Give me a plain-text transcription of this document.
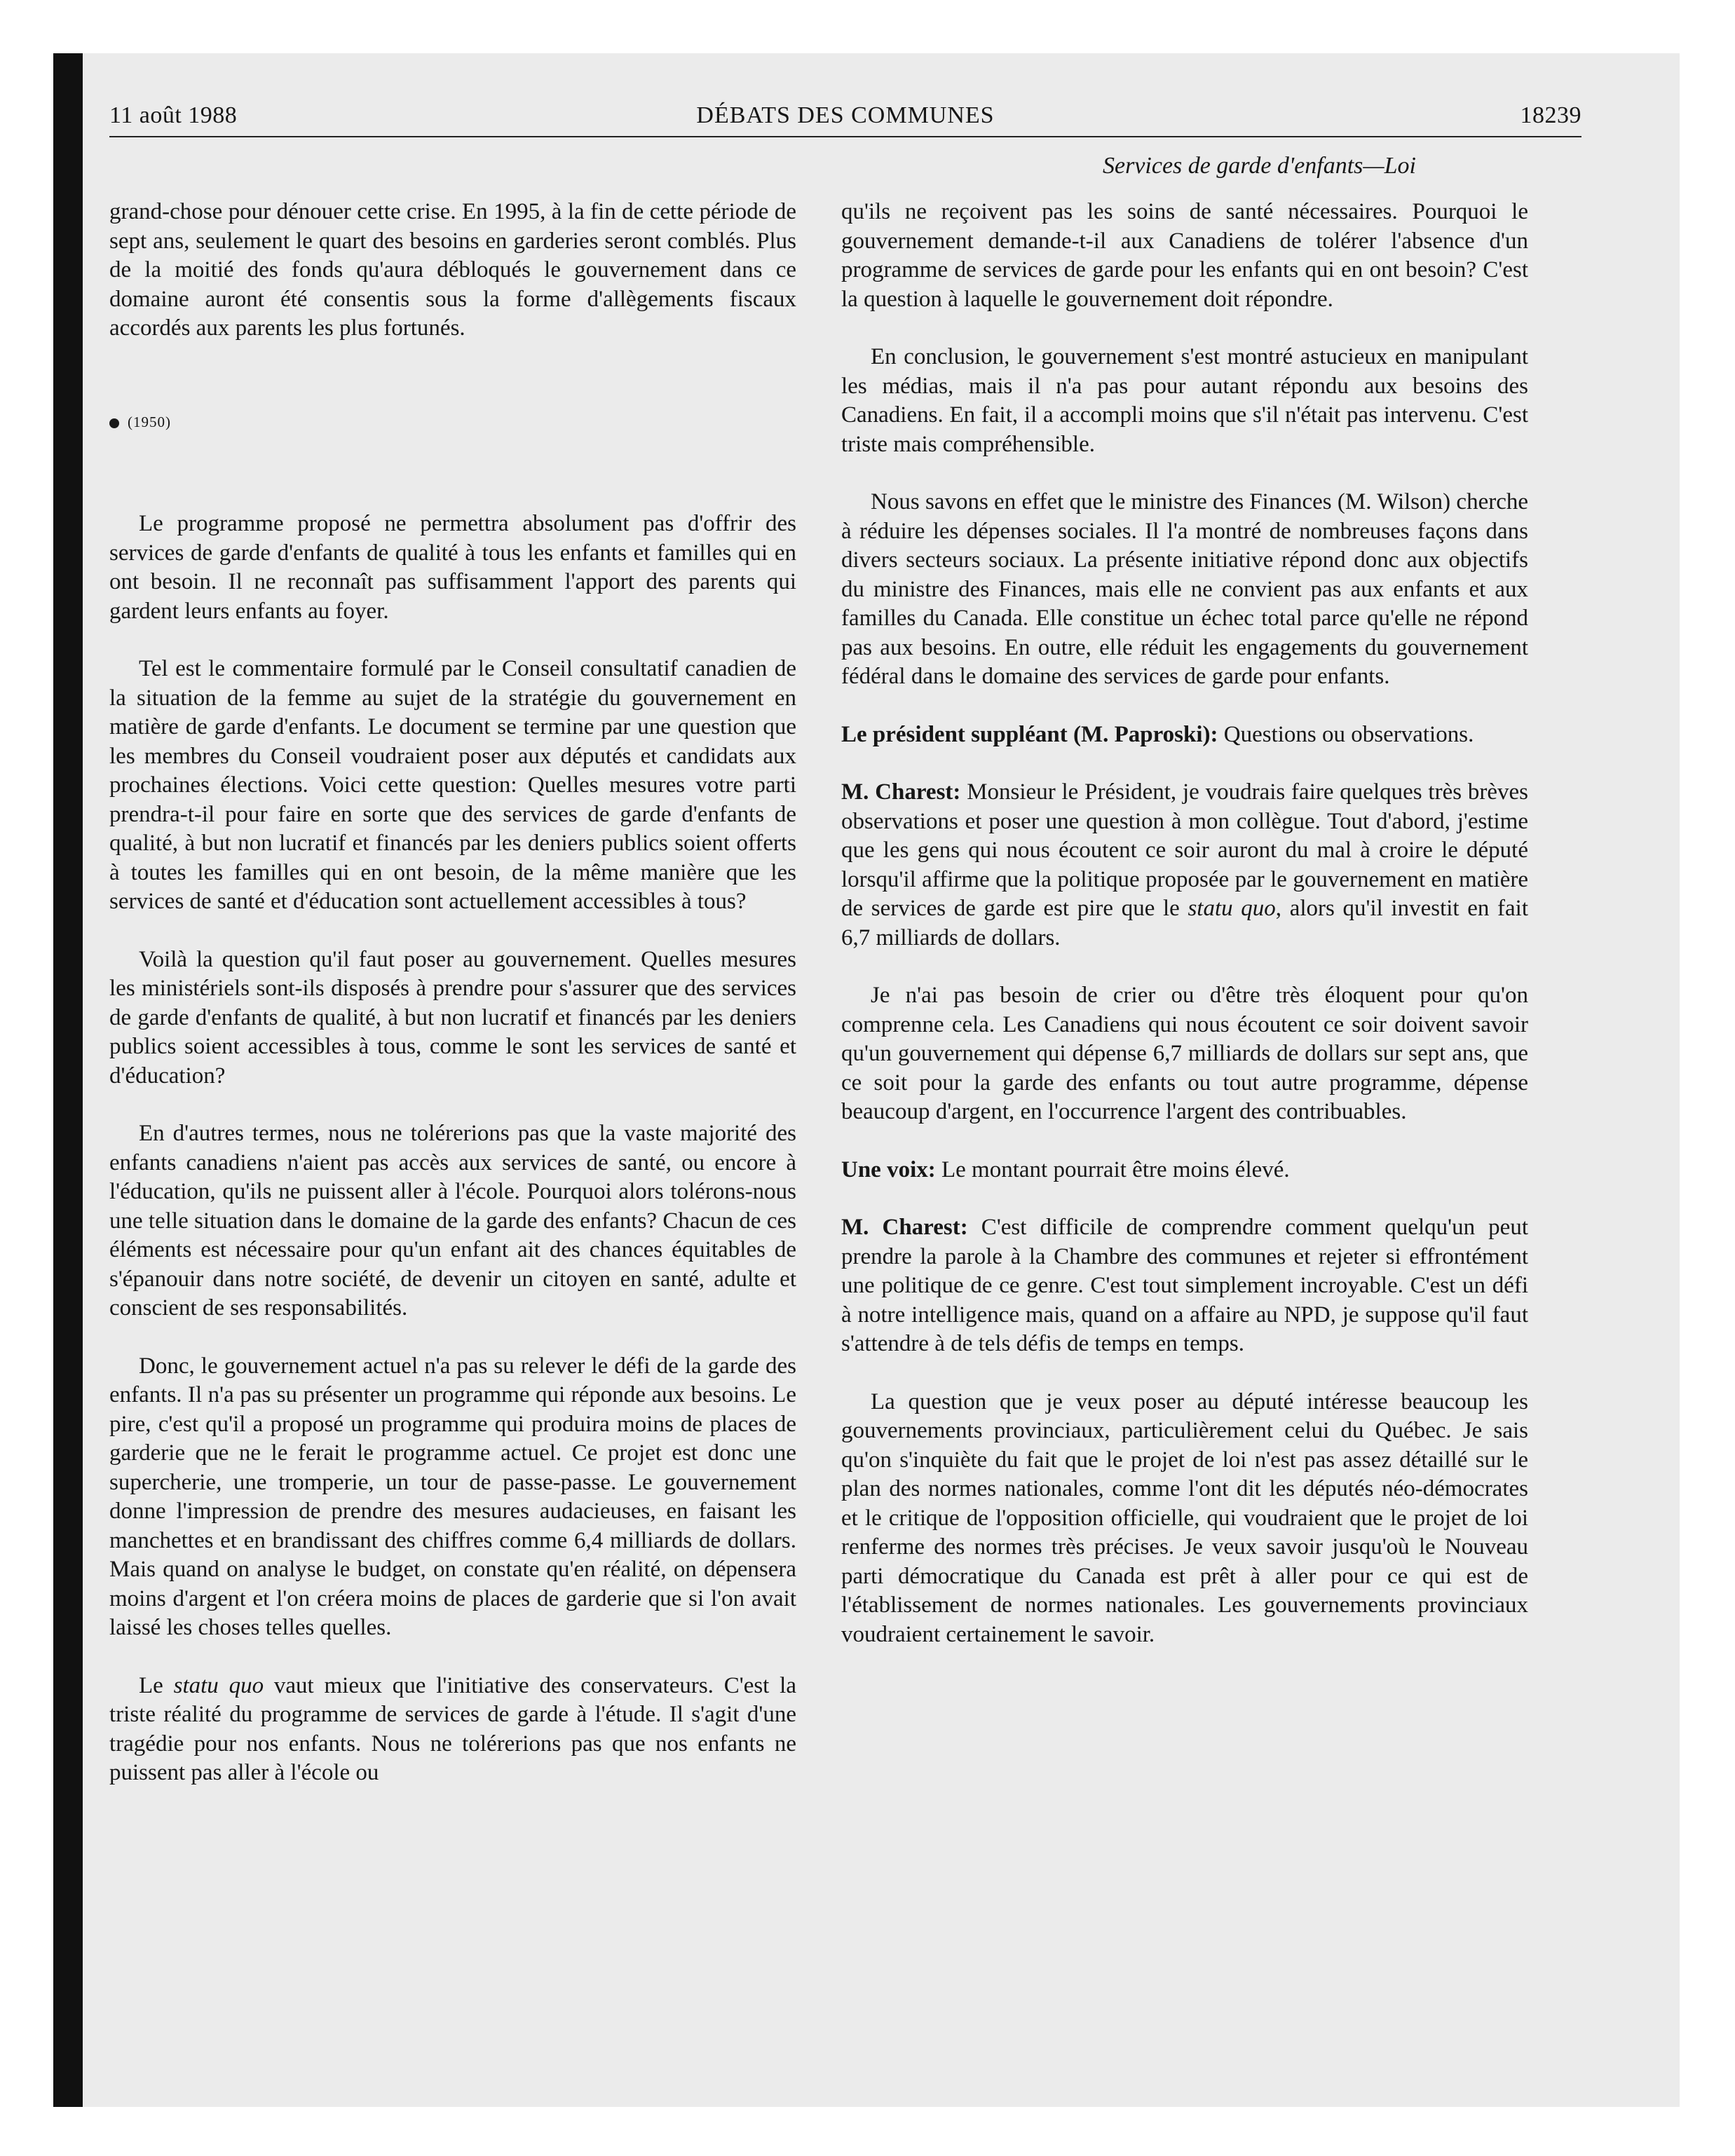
11 août 1988	DÉBATS DES COMMUNES	18239
Services de garde d'enfants—Loi

grand-chose pour dénouer cette crise. En 1995, à la fin de cette période de sept ans, seulement le quart des besoins en garderies seront comblés. Plus de la moitié des fonds qu'aura débloqués le gouvernement dans ce domaine auront été consentis sous la forme d'allègements fiscaux accordés aux parents les plus fortunés.

(1950)

Le programme proposé ne permettra absolument pas d'offrir des services de garde d'enfants de qualité à tous les enfants et familles qui en ont besoin. Il ne reconnaît pas suffisamment l'apport des parents qui gardent leurs enfants au foyer.

Tel est le commentaire formulé par le Conseil consultatif canadien de la situation de la femme au sujet de la stratégie du gouvernement en matière de garde d'enfants. Le document se termine par une question que les membres du Conseil voudraient poser aux députés et candidats aux prochaines élections. Voici cette question: Quelles mesures votre parti prendra-t-il pour faire en sorte que des services de garde d'enfants de qualité, à but non lucratif et financés par les deniers publics soient offerts à toutes les familles qui en ont besoin, de la même manière que les services de santé et d'éducation sont actuellement accessibles à tous?

Voilà la question qu'il faut poser au gouvernement. Quelles mesures les ministériels sont-ils disposés à prendre pour s'assurer que des services de garde d'enfants de qualité, à but non lucratif et financés par les deniers publics soient accessibles à tous, comme le sont les services de santé et d'éducation?

En d'autres termes, nous ne tolérerions pas que la vaste majorité des enfants canadiens n'aient pas accès aux services de santé, ou encore à l'éducation, qu'ils ne puissent aller à l'école. Pourquoi alors tolérons-nous une telle situation dans le domaine de la garde des enfants? Chacun de ces éléments est nécessaire pour qu'un enfant ait des chances équitables de s'épanouir dans notre société, de devenir un citoyen en santé, adulte et conscient de ses responsabilités.

Donc, le gouvernement actuel n'a pas su relever le défi de la garde des enfants. Il n'a pas su présenter un programme qui réponde aux besoins. Le pire, c'est qu'il a proposé un programme qui produira moins de places de garderie que ne le ferait le programme actuel. Ce projet est donc une supercherie, une tromperie, un tour de passe-passe. Le gouvernement donne l'impression de prendre des mesures audacieuses, en faisant les manchettes et en brandissant des chiffres comme 6,4 milliards de dollars. Mais quand on analyse le budget, on constate qu'en réalité, on dépensera moins d'argent et l'on créera moins de places de garderie que si l'on avait laissé les choses telles quelles.

Le statu quo vaut mieux que l'initiative des conservateurs. C'est la triste réalité du programme de services de garde à l'étude. Il s'agit d'une tragédie pour nos enfants. Nous ne tolérerions pas que nos enfants ne puissent pas aller à l'école ou

qu'ils ne reçoivent pas les soins de santé nécessaires. Pourquoi le gouvernement demande-t-il aux Canadiens de tolérer l'absence d'un programme de services de garde pour les enfants qui en ont besoin? C'est la question à laquelle le gouvernement doit répondre.

En conclusion, le gouvernement s'est montré astucieux en manipulant les médias, mais il n'a pas pour autant répondu aux besoins des Canadiens. En fait, il a accompli moins que s'il n'était pas intervenu. C'est triste mais compréhensible.

Nous savons en effet que le ministre des Finances (M. Wilson) cherche à réduire les dépenses sociales. Il l'a montré de nombreuses façons dans divers secteurs sociaux. La présente initiative répond donc aux objectifs du ministre des Finances, mais elle ne convient pas aux enfants et aux familles du Canada. Elle constitue un échec total parce qu'elle ne répond pas aux besoins. En outre, elle réduit les engagements du gouvernement fédéral dans le domaine des services de garde pour enfants.

Le président suppléant (M. Paproski): Questions ou observations.

M. Charest: Monsieur le Président, je voudrais faire quelques très brèves observations et poser une question à mon collègue. Tout d'abord, j'estime que les gens qui nous écoutent ce soir auront du mal à croire le député lorsqu'il affirme que la politique proposée par le gouvernement en matière de services de garde est pire que le statu quo, alors qu'il investit en fait 6,7 milliards de dollars.

Je n'ai pas besoin de crier ou d'être très éloquent pour qu'on comprenne cela. Les Canadiens qui nous écoutent ce soir doivent savoir qu'un gouvernement qui dépense 6,7 milliards de dollars sur sept ans, que ce soit pour la garde des enfants ou tout autre programme, dépense beaucoup d'argent, en l'occurrence l'argent des contribuables.

Une voix: Le montant pourrait être moins élevé.

M. Charest: C'est difficile de comprendre comment quelqu'un peut prendre la parole à la Chambre des communes et rejeter si effrontément une politique de ce genre. C'est tout simplement incroyable. C'est un défi à notre intelligence mais, quand on a affaire au NPD, je suppose qu'il faut s'attendre à de tels défis de temps en temps.

La question que je veux poser au député intéresse beaucoup les gouvernements provinciaux, particulièrement celui du Québec. Je sais qu'on s'inquiète du fait que le projet de loi n'est pas assez détaillé sur le plan des normes nationales, comme l'ont dit les députés néo-démocrates et le critique de l'opposition officielle, qui voudraient que le projet de loi renferme des normes très précises. Je veux savoir jusqu'où le Nouveau parti démocratique du Canada est prêt à aller pour ce qui est de l'établissement de normes nationales. Les gouvernements provinciaux voudraient certainement le savoir.
